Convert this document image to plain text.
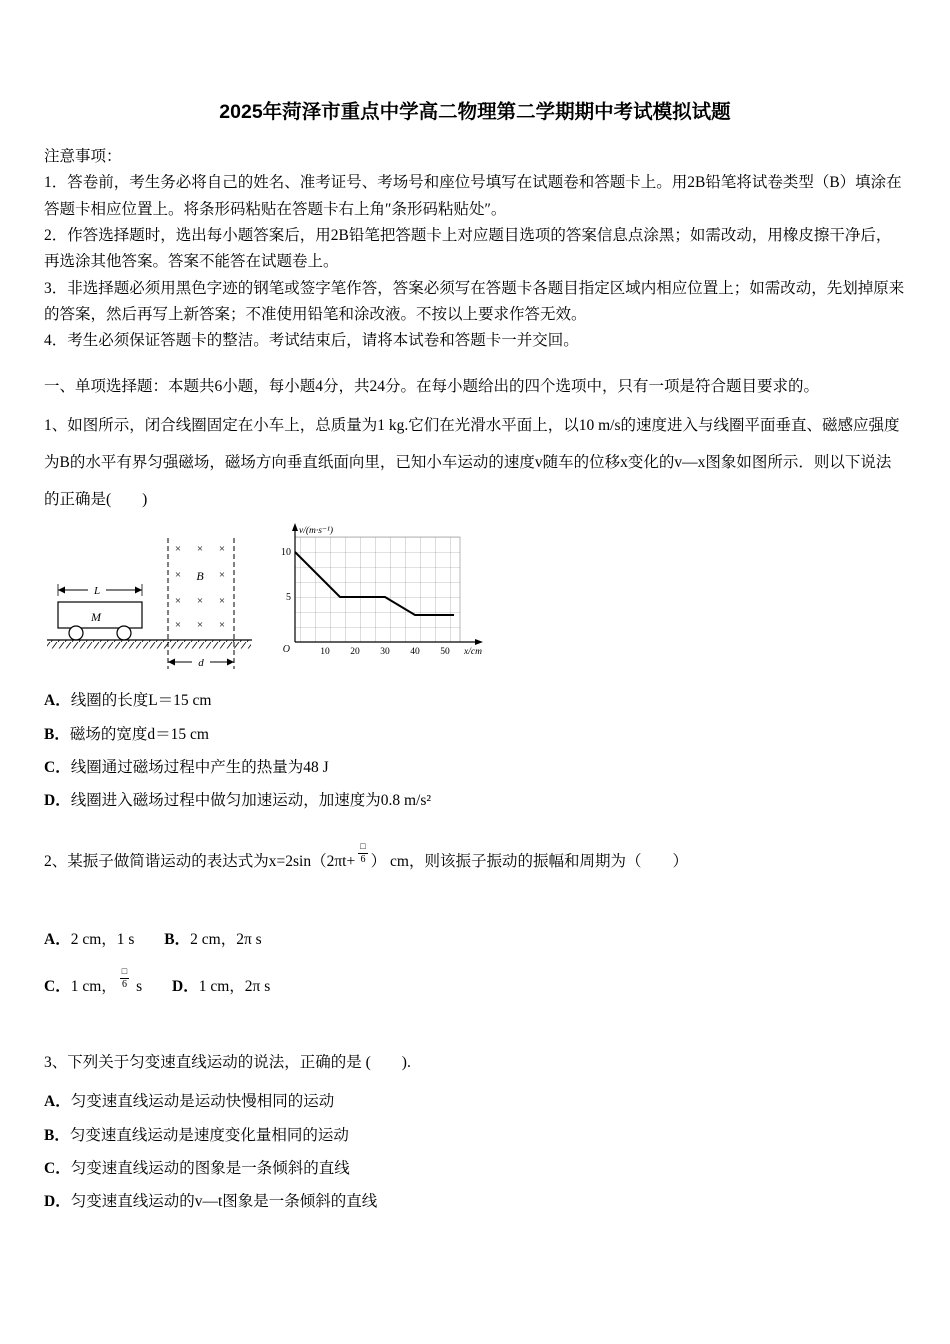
2025年菏泽市重点中学高二物理第二学期期中考试模拟试题

注意事项：

1．答卷前，考生务必将自己的姓名、准考证号、考场号和座位号填写在试题卷和答题卡上。用2B铅笔将试卷类型（B）填涂在答题卡相应位置上。将条形码粘贴在答题卡右上角″条形码粘贴处″。

2．作答选择题时，选出每小题答案后，用2B铅笔把答题卡上对应题目选项的答案信息点涂黑；如需改动，用橡皮擦干净后，再选涂其他答案。答案不能答在试题卷上。

3．非选择题必须用黑色字迹的钢笔或签字笔作答，答案必须写在答题卡各题目指定区域内相应位置上；如需改动，先划掉原来的答案，然后再写上新答案；不准使用铅笔和涂改液。不按以上要求作答无效。

4．考生必须保证答题卡的整洁。考试结束后，请将本试卷和答题卡一并交回。

一、单项选择题：本题共6小题，每小题4分，共24分。在每小题给出的四个选项中，只有一项是符合题目要求的。

1、如图所示，闭合线圈固定在小车上，总质量为1 kg.它们在光滑水平面上，以10 m/s的速度进入与线圈平面垂直、磁感应强度为B的水平有界匀强磁场，磁场方向垂直纸面向里，已知小车运动的速度v随车的位移x变化的v—x图象如图所示．则以下说法的正确是(　　)

L
M
× × ×
× B ×
× × ×
× × ×
d
v/(m·s⁻¹)
10
5
O	10 20 30 40 50 x/cm

A．线圈的长度L＝15 cm

B．磁场的宽度d＝15 cm

C．线圈通过磁场过程中产生的热量为48 J

D．线圈进入磁场过程中做匀加速运动，加速度为0.8 m/s²

2、某振子做简谐运动的表达式为$x=2\sin(2\pi t+ \frac{□}{6}$ ） cm，则该振子振动的振幅和周期为（　　）

A．2 cm，1 s B．2 cm，2π s

C．1 cm， $\frac{□}{6}$ s D．1 cm，2π s

3、下列关于匀变速直线运动的说法，正确的是 (　　).

A．匀变速直线运动是运动快慢相同的运动

B．匀变速直线运动是速度变化量相同的运动

C．匀变速直线运动的图象是一条倾斜的直线

D．匀变速直线运动的v—t图象是一条倾斜的直线
